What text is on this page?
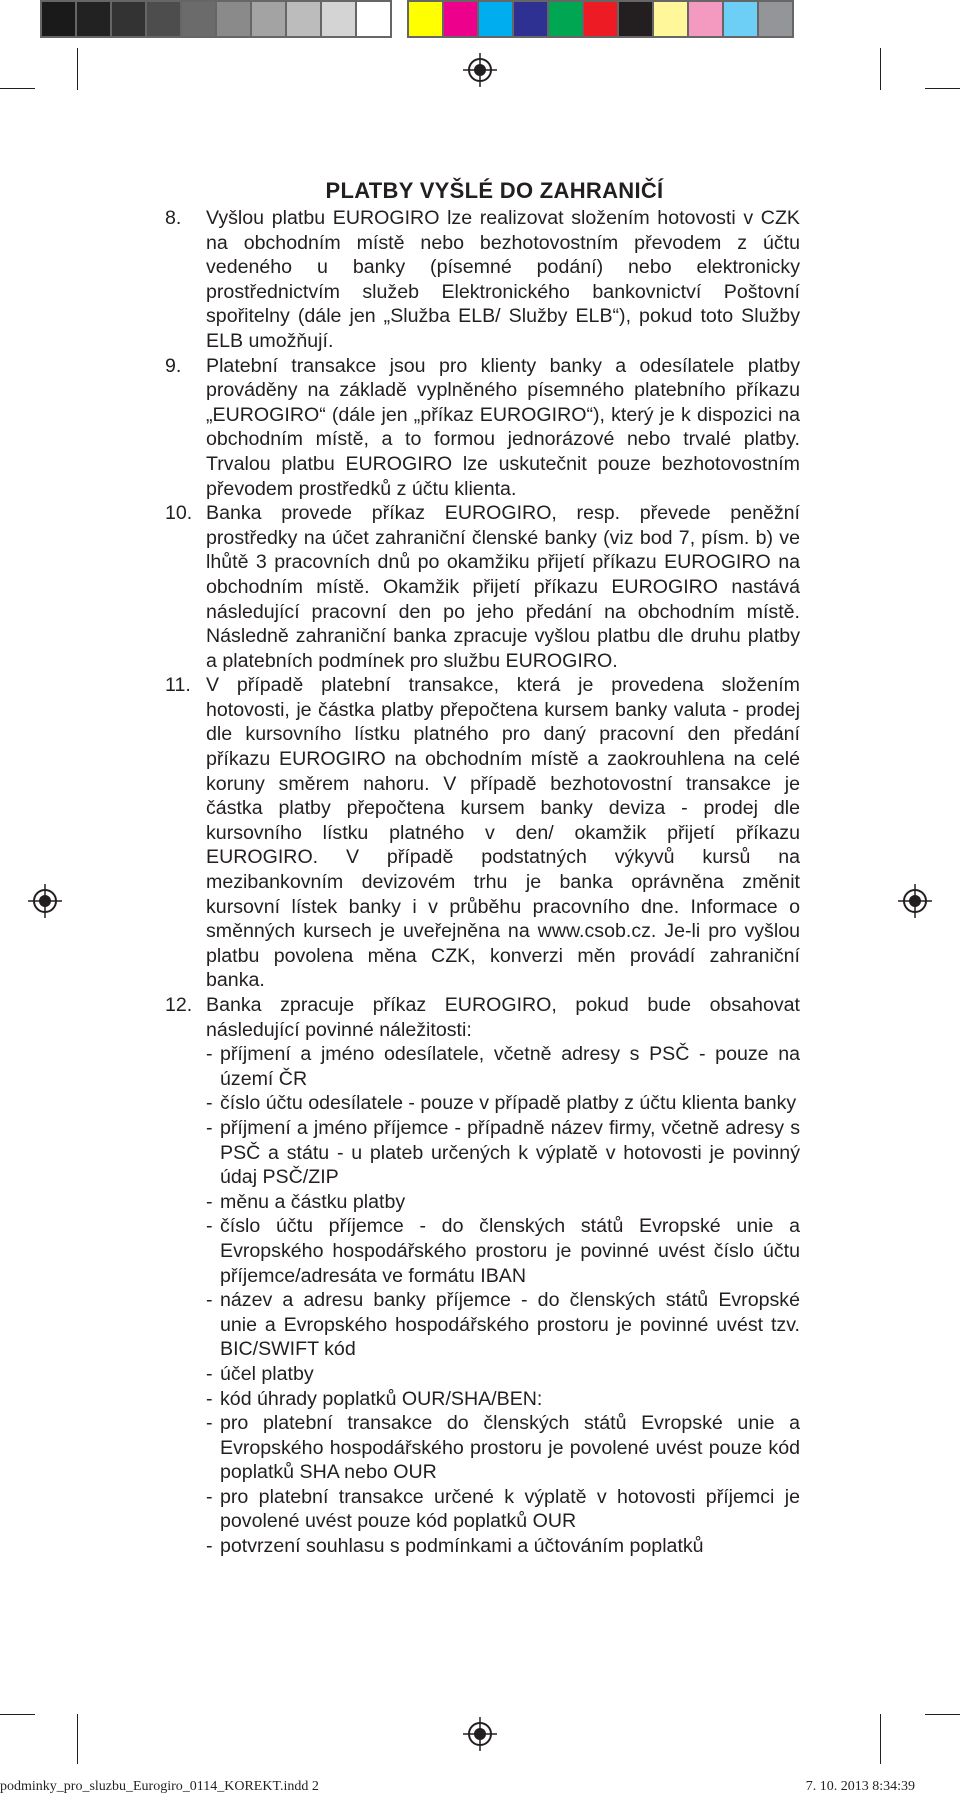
PLATBY VYŠLÉ DO ZAHRANIČÍ
8.	Vyšlou platbu EUROGIRO lze realizovat složením hotovosti v CZK na obchodním místě nebo bezhotovostním převodem z účtu vedeného u banky (písemné podání) nebo elektronicky prostřednictvím služeb Elektronického bankovnictví Poštovní spořitelny (dále jen „Služba ELB/ Služby ELB“), pokud toto Služby ELB umožňují.
9.	Platební transakce jsou pro klienty banky a odesílatele platby prováděny na základě vyplněného písemného platebního příkazu „EUROGIRO“ (dále jen „příkaz EUROGIRO“), který je k dispozici na obchodním místě, a to formou jednorázové nebo trvalé platby. Trvalou platbu EUROGIRO lze uskutečnit pouze bezhotovostním převodem prostředků z účtu klienta.
10. Banka provede příkaz EUROGIRO, resp. převede peněžní prostředky na účet zahraniční členské banky (viz bod 7, písm. b) ve lhůtě 3 pracovních dnů po okamžiku přijetí příkazu EUROGIRO na obchodním místě. Okamžik přijetí příkazu EUROGIRO nastává následující pracovní den po jeho předání na obchodním místě. Následně zahraniční banka zpracuje vyšlou platbu dle druhu platby a platebních podmínek pro službu EUROGIRO.
11. V případě platební transakce, která je provedena složením hotovosti, je částka platby přepočtena kursem banky valuta - prodej dle kursovního lístku platného pro daný pracovní den předání příkazu EUROGIRO na obchodním místě a zaokrouhlena na celé koruny směrem nahoru. V případě bezhotovostní transakce je částka platby přepočtena kursem banky deviza - prodej dle kursovního lístku platného v den/ okamžik přijetí příkazu EUROGIRO. V případě podstatných výkyvů kursů na mezibankovním devizovém trhu je banka oprávněna změnit kursovní lístek banky i v průběhu pracovního dne. Informace o směnných kursech je uveřejněna na www.csob.cz. Je-li pro vyšlou platbu povolena měna CZK, konverzi měn provádí zahraniční banka.
12. Banka zpracuje příkaz EUROGIRO, pokud bude obsahovat následující povinné náležitosti:
- příjmení a jméno odesílatele, včetně adresy s PSČ - pouze na území ČR
- číslo účtu odesílatele - pouze v případě platby z účtu klienta banky
- příjmení a jméno příjemce - případně název firmy, včetně adresy s PSČ a státu - u plateb určených k výplatě v hotovosti je povinný údaj PSČ/ZIP
- měnu a částku platby
- číslo účtu příjemce - do členských států Evropské unie a Evropského hospodářského prostoru je povinné uvést číslo účtu příjemce/adresáta ve formátu IBAN
- název a adresu banky příjemce - do členských států Evropské unie a Evropského hospodářského prostoru je povinné uvést tzv. BIC/SWIFT kód
- účel platby
- kód úhrady poplatků OUR/SHA/BEN:
- pro platební transakce do členských států Evropské unie a Evropského hospodářského prostoru je povolené uvést pouze kód poplatků SHA nebo OUR
- pro platební transakce určené k výplatě v hotovosti příjemci je povolené uvést pouze kód poplatků OUR
- potvrzení souhlasu s podmínkami a účtováním poplatků
podminky_pro_sluzbu_Eurogiro_0114_KOREKT.indd 2	7. 10. 2013 8:34:39
